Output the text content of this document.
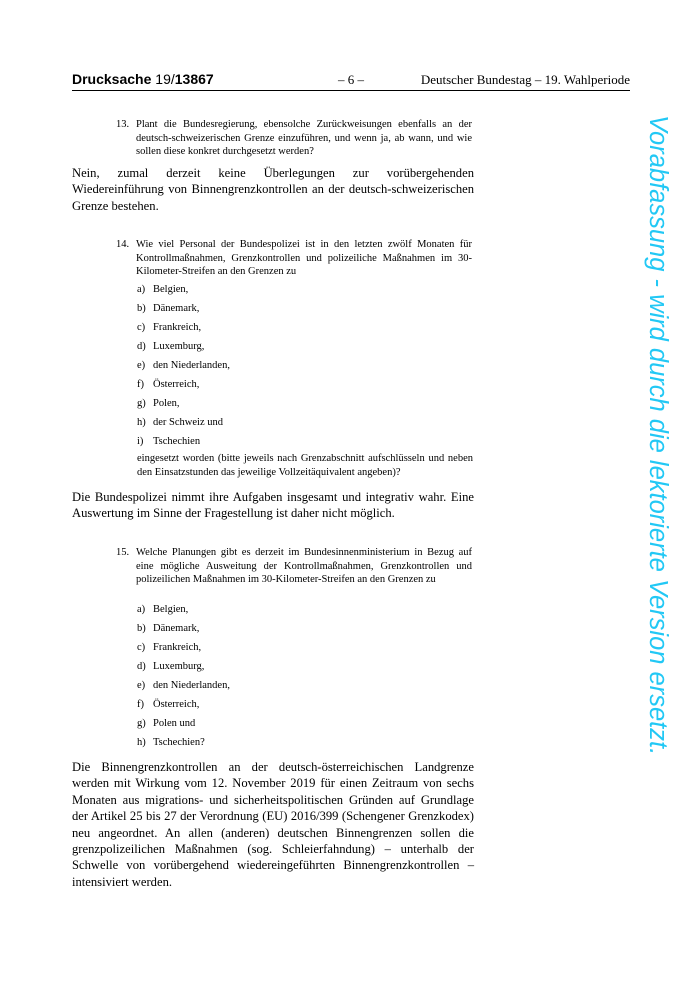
Drucksache 19/13867	– 6 –	Deutscher Bundestag – 19. Wahlperiode
13. Plant die Bundesregierung, ebensolche Zurückweisungen ebenfalls an der deutsch-schweizerischen Grenze einzuführen, und wenn ja, ab wann, und wie sollen diese konkret durchgesetzt werden?
Nein, zumal derzeit keine Überlegungen zur vorübergehenden Wiedereinführung von Binnengrenzkontrollen an der deutsch-schweizerischen Grenze bestehen.
14. Wie viel Personal der Bundespolizei ist in den letzten zwölf Monaten für Kontrollmaßnahmen, Grenzkontrollen und polizeiliche Maßnahmen im 30-Kilometer-Streifen an den Grenzen zu
a) Belgien,
b) Dänemark,
c) Frankreich,
d) Luxemburg,
e) den Niederlanden,
f) Österreich,
g) Polen,
h) der Schweiz und
i) Tschechien
eingesetzt worden (bitte jeweils nach Grenzabschnitt aufschlüsseln und neben den Einsatzstunden das jeweilige Vollzeitäquivalent angeben)?
Die Bundespolizei nimmt ihre Aufgaben insgesamt und integrativ wahr. Eine Auswertung im Sinne der Fragestellung ist daher nicht möglich.
15. Welche Planungen gibt es derzeit im Bundesinnenministerium in Bezug auf eine mögliche Ausweitung der Kontrollmaßnahmen, Grenzkontrollen und polizeilichen Maßnahmen im 30-Kilometer-Streifen an den Grenzen zu
a) Belgien,
b) Dänemark,
c) Frankreich,
d) Luxemburg,
e) den Niederlanden,
f) Österreich,
g) Polen und
h) Tschechien?
Die Binnengrenzkontrollen an der deutsch-österreichischen Landgrenze werden mit Wirkung vom 12. November 2019 für einen Zeitraum von sechs Monaten aus migrations- und sicherheitspolitischen Gründen auf Grundlage der Artikel 25 bis 27 der Verordnung (EU) 2016/399 (Schengener Grenzkodex) neu angeordnet. An allen (anderen) deutschen Binnengrenzen sollen die grenzpolizeilichen Maßnahmen (sog. Schleierfahndung) – unterhalb der Schwelle von vorübergehend wiedereingeführten Binnengrenzkontrollen – intensiviert werden.
Vorabfassung - wird durch die lektorierte Version ersetzt.
